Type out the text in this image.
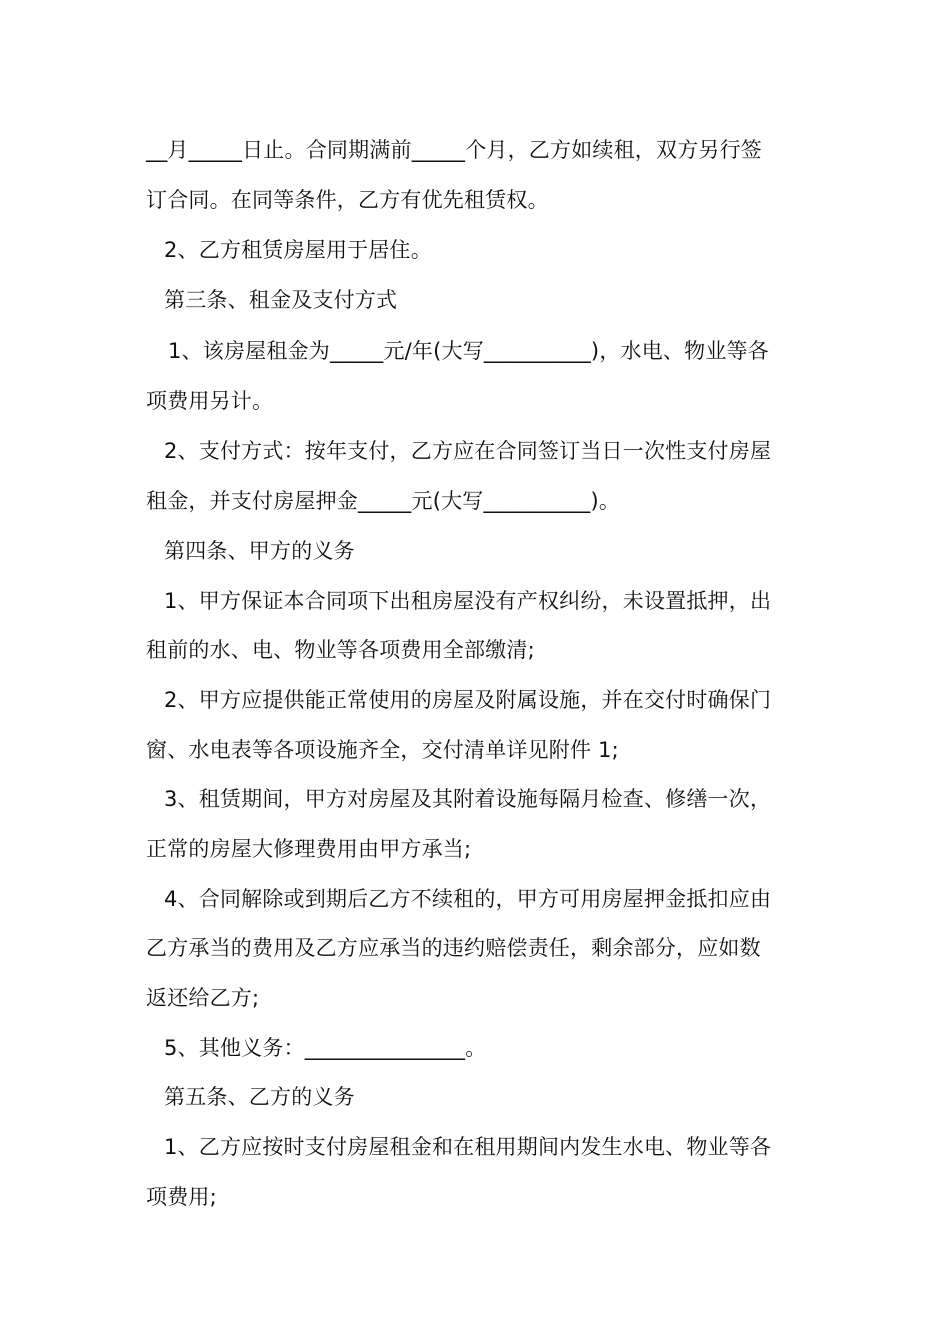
__月_____日止。合同期满前_____个月，乙方如续租，双方另行签
订合同。在同等条件，乙方有优先租赁权。
2、乙方租赁房屋用于居住。
第三条、租金及支付方式
1、该房屋租金为_____元/年(大写__________)，水电、物业等各
项费用另计。
2、支付方式：按年支付，乙方应在合同签订当日一次性支付房屋
租金，并支付房屋押金_____元(大写__________)。
第四条、甲方的义务
1、甲方保证本合同项下出租房屋没有产权纠纷，未设置抵押，出
租前的水、电、物业等各项费用全部缴清;
2、甲方应提供能正常使用的房屋及附属设施，并在交付时确保门
窗、水电表等各项设施齐全，交付清单详见附件 1;
3、租赁期间，甲方对房屋及其附着设施每隔月检查、修缮一次，
正常的房屋大修理费用由甲方承当;
4、合同解除或到期后乙方不续租的，甲方可用房屋押金抵扣应由
乙方承当的费用及乙方应承当的违约赔偿责任，剩余部分，应如数
返还给乙方;
5、其他义务：_______________。
第五条、乙方的义务
1、乙方应按时支付房屋租金和在租用期间内发生水电、物业等各
项费用;
